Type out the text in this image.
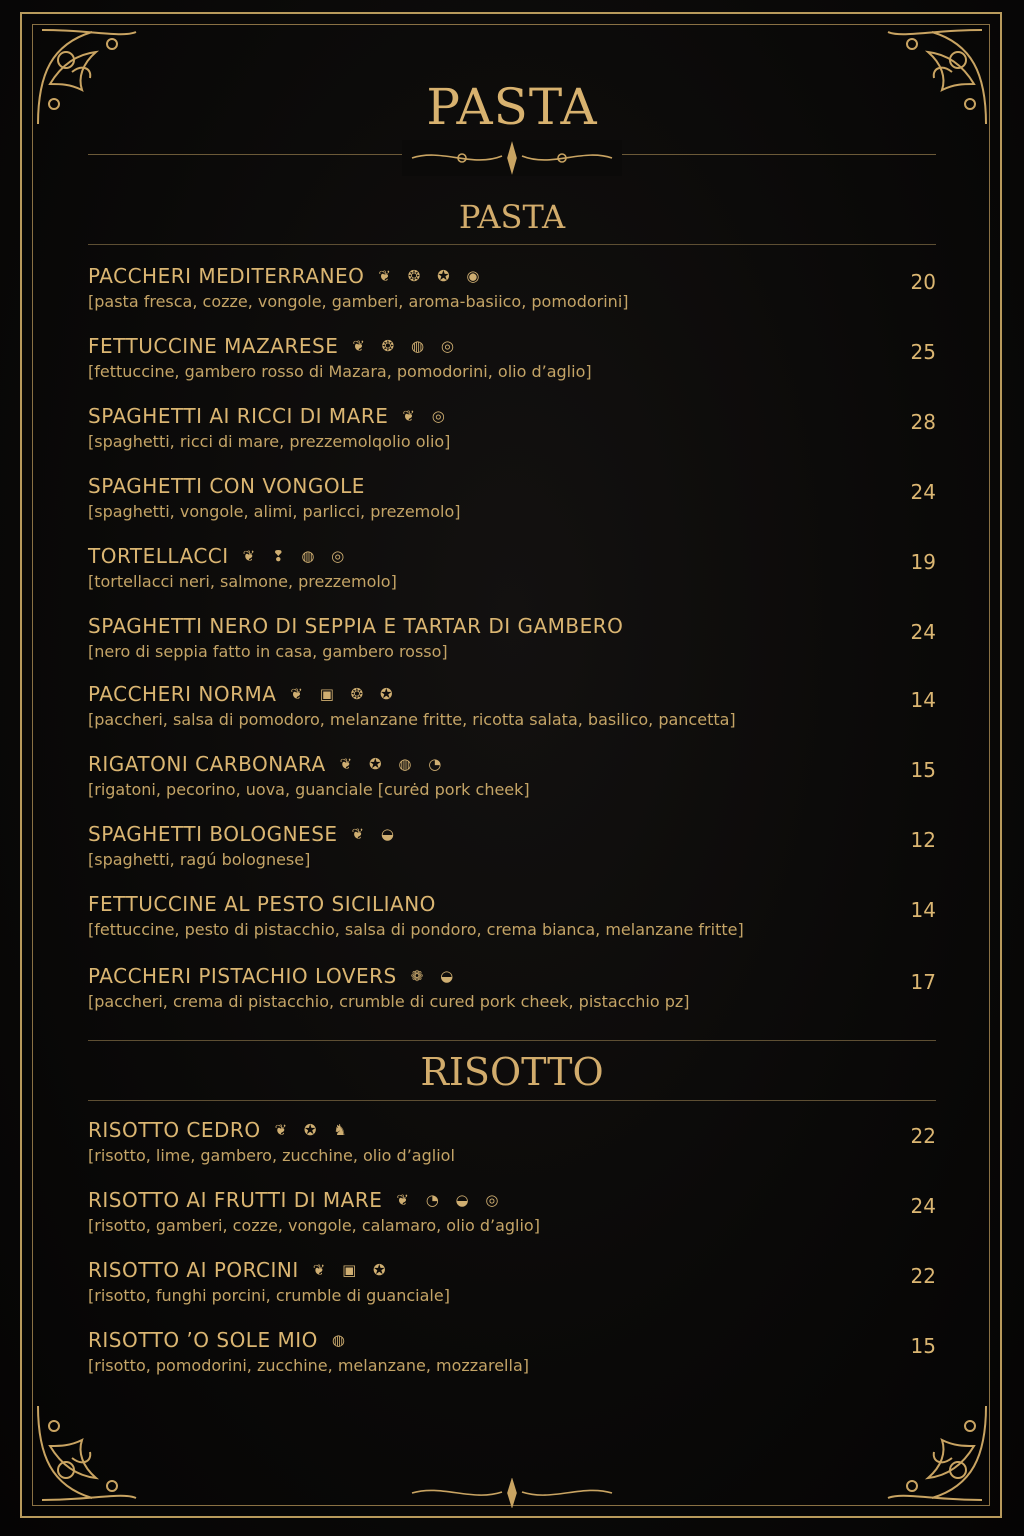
PASTA
PASTA
PACCHERI MEDITERRANEO ❦ ❂ ✪ ◉
[pasta fresca, cozze, vongole, gamberi, aroma-basiico, pomodorini]
20
FETTUCCINE MAZARESE ❦ ❂ ◍ ◎
[fettuccine, gambero rosso di Mazara, pomodorini, olio d’aglio]
25
SPAGHETTI AI RICCI DI MARE ❦ ◎
[spaghetti, ricci di mare, prezzemolqolio olio]
28
SPAGHETTI CON VONGOLE
[spaghetti, vongole, alimi, parlicci, prezemolo]
24
TORTELLACCI ❦ ❢ ◍ ◎
[tortellacci neri, salmone, prezzemolo]
19
SPAGHETTI NERO DI SEPPIA E TARTAR DI GAMBERO
[nero di seppia fatto in casa, gambero rosso]
24
PACCHERI NORMA ❦ ▣ ❂ ✪
[paccheri, salsa di pomodoro, melanzane fritte, ricotta salata, basilico, pancetta]
14
RIGATONI CARBONARA ❦ ✪ ◍ ◔
[rigatoni, pecorino, uova, guanciale [curėd pork cheek]
15
SPAGHETTI BOLOGNESE ❦ ◒
[spaghetti, ragú bolognese]
12
FETTUCCINE AL PESTO SICILIANO
[fettuccine, pesto di pistacchio, salsa di pondoro, crema bianca, melanzane fritte]
14
PACCHERI PISTACHIO LOVERS ❁ ◒
[paccheri, crema di pistacchio, crumble di cured pork cheek, pistacchio pz]
17
RISOTTO
RISOTTO CEDRO ❦ ✪ ♞
[risotto, lime, gambero, zucchine, olio d’agliol
22
RISOTTO AI FRUTTI DI MARE ❦ ◔ ◒ ◎
[risotto, gamberi, cozze, vongole, calamaro, olio d’aglio]
24
RISOTTO AI PORCINI ❦ ▣ ✪
[risotto, funghi porcini, crumble di guanciale]
22
RISOTTO ’O SOLE MIO ◍
[risotto, pomodorini, zucchine, melanzane, mozzarella]
15
